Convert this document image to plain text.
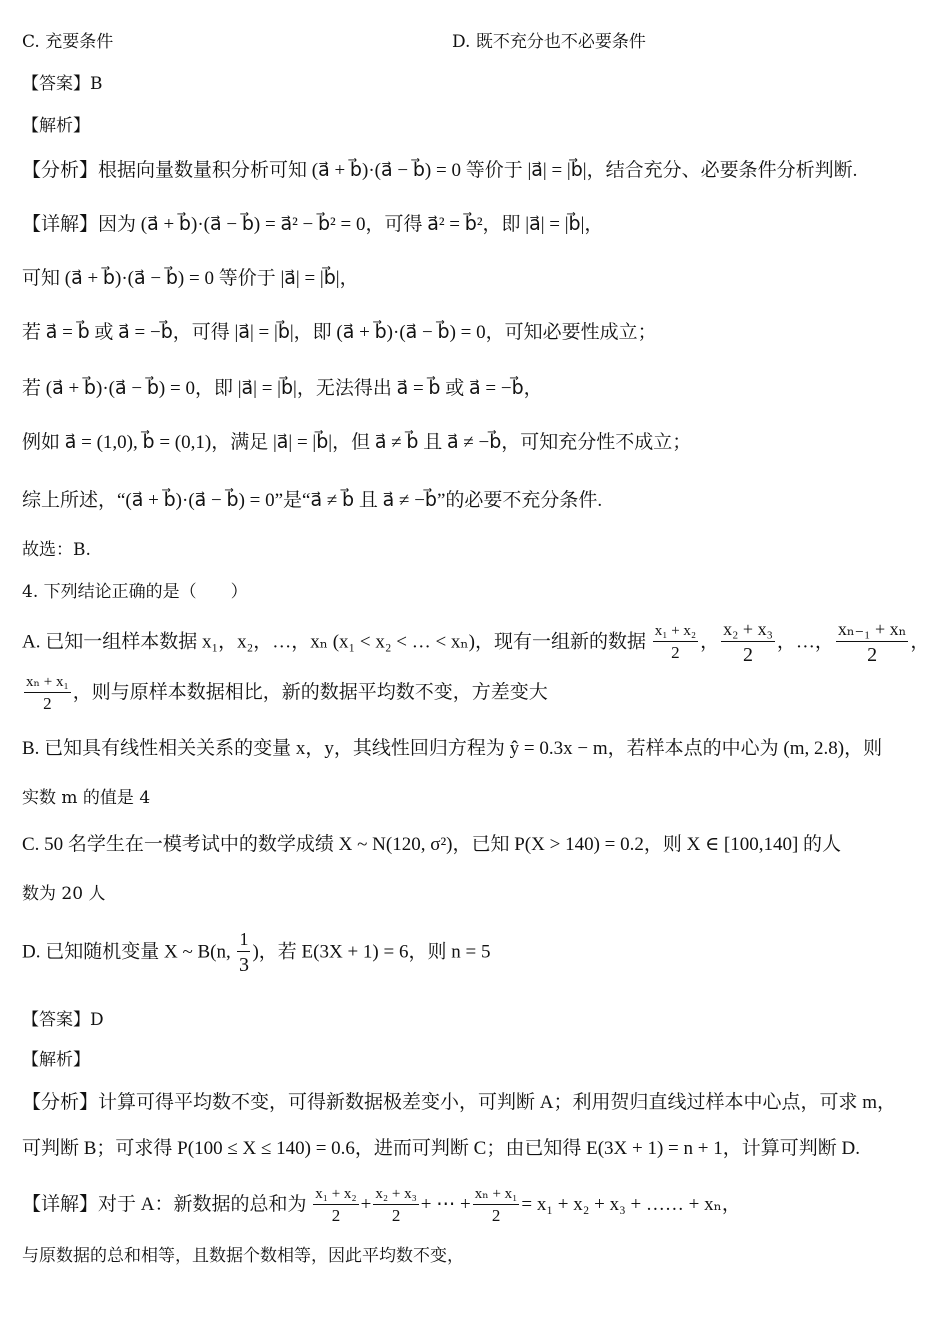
C. 充要条件	D. 既不充分也不必要条件
【答案】B
【解析】
【分析】根据向量数量积分析可知 (a⃗ + b⃗)·(a⃗ − b⃗) = 0 等价于 |a⃗| = |b⃗|，结合充分、必要条件分析判断.
【详解】因为 (a⃗ + b⃗)·(a⃗ − b⃗) = a⃗² − b⃗² = 0，可得 a⃗² = b⃗²，即 |a⃗| = |b⃗|，
可知 (a⃗ + b⃗)·(a⃗ − b⃗) = 0 等价于 |a⃗| = |b⃗|，
若 a⃗ = b⃗ 或 a⃗ = −b⃗，可得 |a⃗| = |b⃗|，即 (a⃗ + b⃗)·(a⃗ − b⃗) = 0，可知必要性成立；
若 (a⃗ + b⃗)·(a⃗ − b⃗) = 0，即 |a⃗| = |b⃗|，无法得出 a⃗ = b⃗ 或 a⃗ = −b⃗，
例如 a⃗ = (1,0), b⃗ = (0,1)，满足 |a⃗| = |b⃗|，但 a⃗ ≠ b⃗ 且 a⃗ ≠ −b⃗，可知充分性不成立；
综上所述，“(a⃗ + b⃗)·(a⃗ − b⃗) = 0”是“a⃗ ≠ b⃗ 且 a⃗ ≠ −b⃗”的必要不充分条件.
故选：B.
4. 下列结论正确的是（　　）
A. 已知一组样本数据 x₁，x₂，…，xₙ (x₁ < x₂ < … < xₙ)，现有一组新的数据 $\frac{\text{x₁ + x₂}}{2}$ ， $\frac{\text{x₂ + x₃}}{2}$ ，…， $\frac{\text{xₙ₋₁ + xₙ}}{2}$ ，
$\frac{\text{xₙ + x₁}}{2}$ ，则与原样本数据相比，新的数据平均数不变，方差变大
B. 已知具有线性相关关系的变量 x，y，其线性回归方程为 ŷ = 0.3x − m，若样本点的中心为 (m, 2.8)，则
实数 m 的值是 4
C. 50 名学生在一模考试中的数学成绩 X ~ N(120, σ²)，已知 P(X > 140) = 0.2，则 X ∈ [100,140] 的人
数为 20 人
D. 已知随机变量 X ~ B(n, $\frac{1}{3}$ )，若 E(3X + 1) = 6，则 n = 5
【答案】D
【解析】
【分析】计算可得平均数不变，可得新数据极差变小，可判断 A；利用贺归直线过样本中心点，可求 m，
可判断 B；可求得 P(100 ≤ X ≤ 140) = 0.6，进而可判断 C；由已知得 E(3X + 1) = n + 1，计算可判断 D.
【详解】对于 A：新数据的总和为 $\frac{\text{x₁ + x₂}}{2} + \frac{\text{x₂ + x₃}}{2}$ + ⋯ + $\frac{\text{xₙ + x₁}}{2} = x_1 + x_2 + x_3$ + …… + xₙ，
与原数据的总和相等，且数据个数相等，因此平均数不变，
